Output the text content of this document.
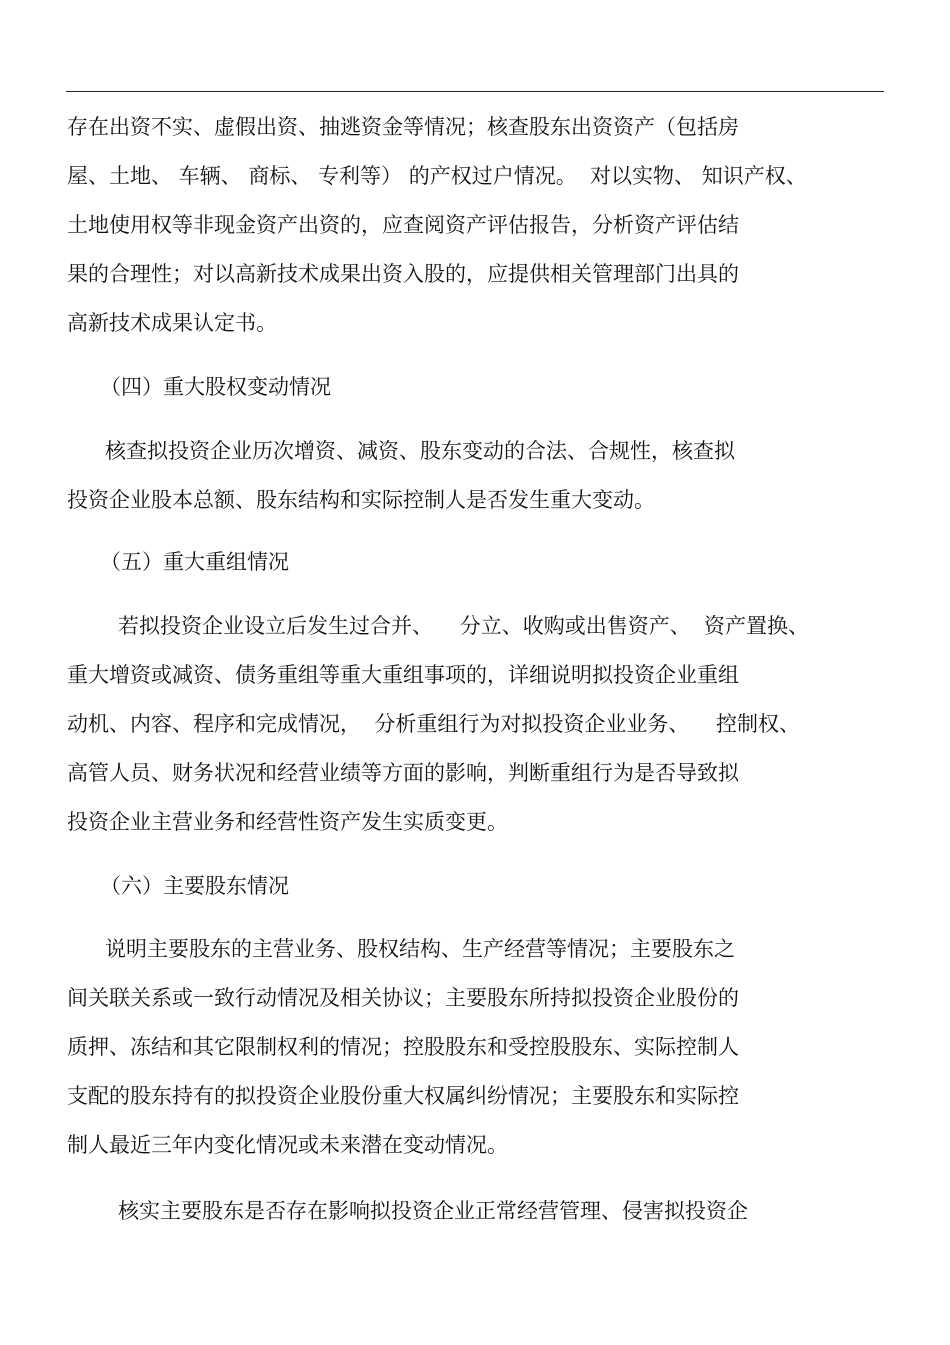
存在出资不实、虚假出资、抽逃资金等情况；核查股东出资资产（包括房
屋、土地、 车辆、 商标、 专利等） 的产权过户情况。  对以实物、 知识产权、
土地使用权等非现金资产出资的，应查阅资产评估报告，分析资产评估结
果的合理性；对以高新技术成果出资入股的，应提供相关管理部门出具的
高新技术成果认定书。
（四）重大股权变动情况
核查拟投资企业历次增资、减资、股东变动的合法、合规性，核查拟
投资企业股本总额、股东结构和实际控制人是否发生重大变动。
（五）重大重组情况
若拟投资企业设立后发生过合并、    分立、收购或出售资产、  资产置换、
重大增资或减资、债务重组等重大重组事项的，详细说明拟投资企业重组
动机、内容、程序和完成情况，  分析重组行为对拟投资企业业务、    控制权、
高管人员、财务状况和经营业绩等方面的影响，判断重组行为是否导致拟
投资企业主营业务和经营性资产发生实质变更。
（六）主要股东情况
说明主要股东的主营业务、股权结构、生产经营等情况；主要股东之
间关联关系或一致行动情况及相关协议；主要股东所持拟投资企业股份的
质押、冻结和其它限制权利的情况；控股股东和受控股股东、实际控制人
支配的股东持有的拟投资企业股份重大权属纠纷情况；主要股东和实际控
制人最近三年内变化情况或未来潜在变动情况。
核实主要股东是否存在影响拟投资企业正常经营管理、侵害拟投资企
